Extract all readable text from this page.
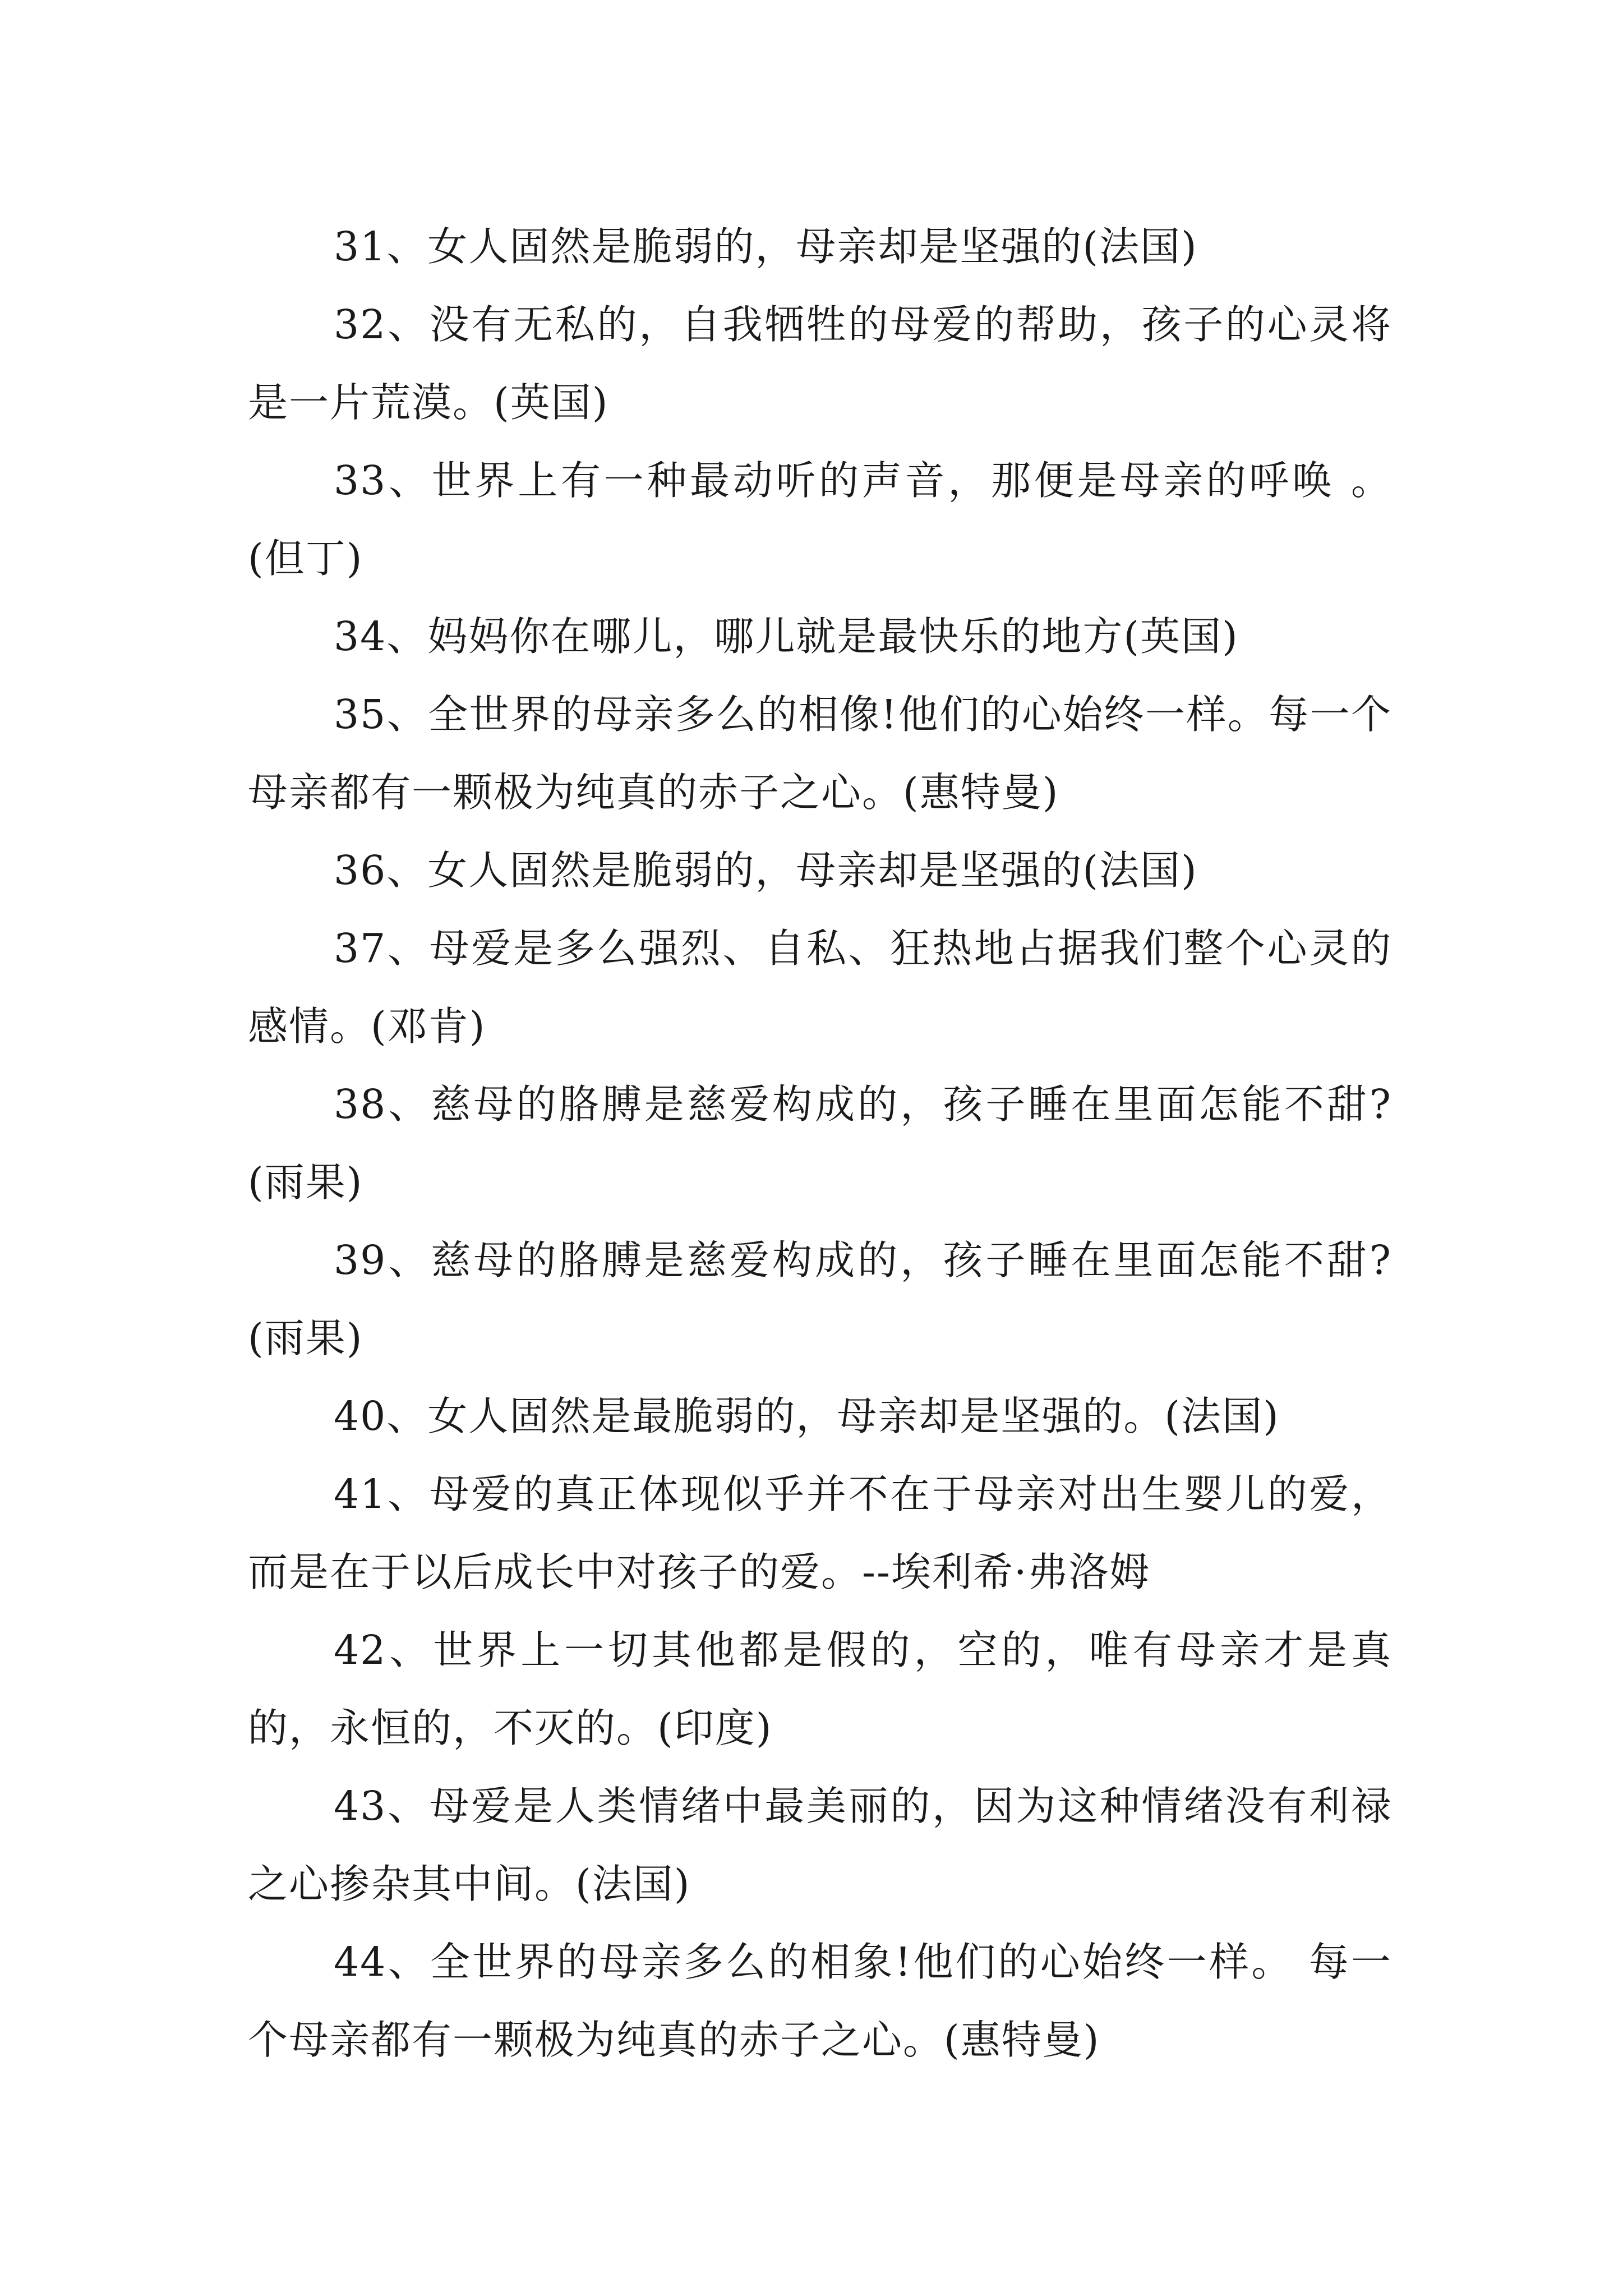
31、女人固然是脆弱的，母亲却是坚强的(法国)

32、没有无私的，自我牺牲的母爱的帮助，孩子的心灵将是一片荒漠。(英国)

33、世界上有一种最动听的声音，那便是母亲的呼唤 。(但丁)

34、妈妈你在哪儿，哪儿就是最快乐的地方(英国)

35、全世界的母亲多么的相像!他们的心始终一样。每一个母亲都有一颗极为纯真的赤子之心。(惠特曼)

36、女人固然是脆弱的，母亲却是坚强的(法国)

37、母爱是多么强烈、自私、狂热地占据我们整个心灵的感情。(邓肯)

38、慈母的胳膊是慈爱构成的，孩子睡在里面怎能不甜?(雨果)

39、慈母的胳膊是慈爱构成的，孩子睡在里面怎能不甜?(雨果)

40、女人固然是最脆弱的，母亲却是坚强的。(法国)

41、母爱的真正体现似乎并不在于母亲对出生婴儿的爱，而是在于以后成长中对孩子的爱。--埃利希·弗洛姆

42、世界上一切其他都是假的，空的，唯有母亲才是真的，永恒的，不灭的。(印度)

43、母爱是人类情绪中最美丽的，因为这种情绪没有利禄之心掺杂其中间。(法国)

44、全世界的母亲多么的相象!他们的心始终一样。 每一个母亲都有一颗极为纯真的赤子之心。(惠特曼)
